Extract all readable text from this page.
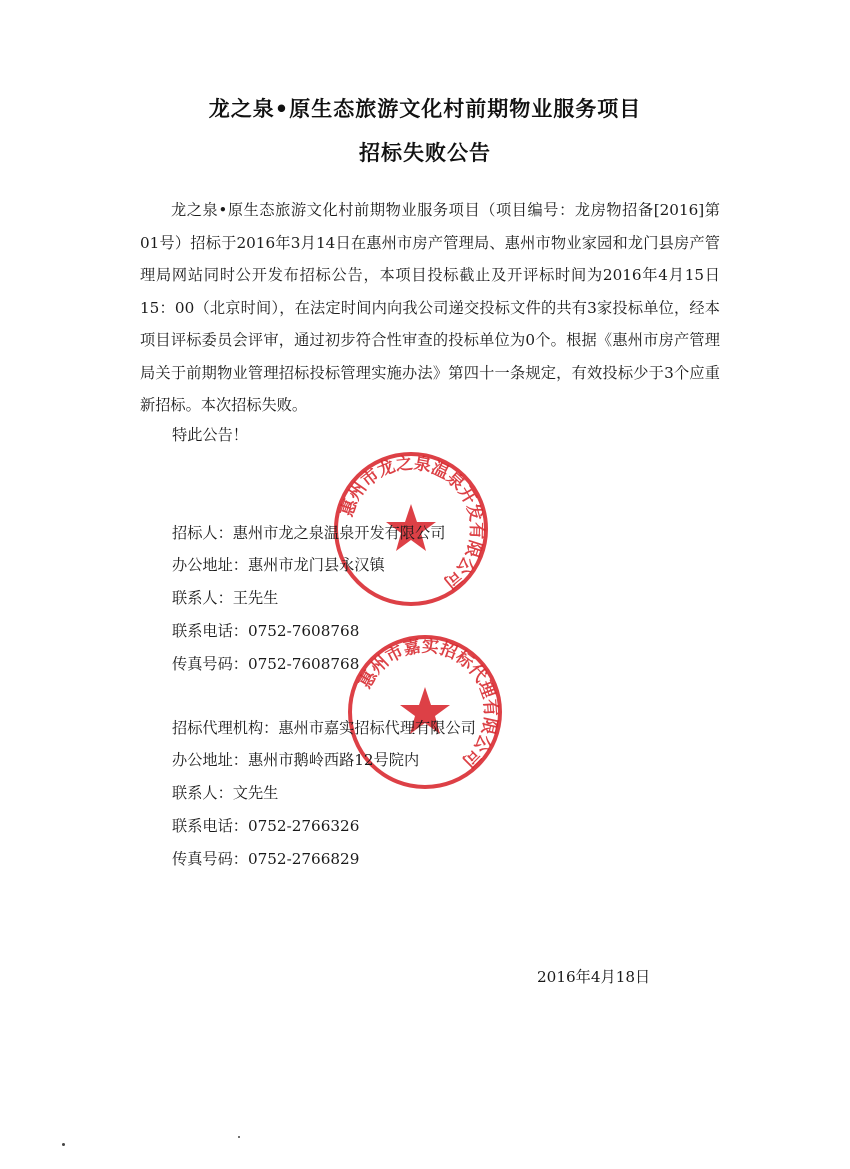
龙之泉•原生态旅游文化村前期物业服务项目
招标失败公告

龙之泉•原生态旅游文化村前期物业服务项目（项目编号：龙房物招备[2016]第01号）招标于2016年3月14日在惠州市房产管理局、惠州市物业家园和龙门县房产管理局网站同时公开发布招标公告，本项目投标截止及开评标时间为2016年4月15日15：00（北京时间），在法定时间内向我公司递交投标文件的共有3家投标单位，经本项目评标委员会评审，通过初步符合性审查的投标单位为0个。根据《惠州市房产管理局关于前期物业管理招标投标管理实施办法》第四十一条规定，有效投标少于3个应重新招标。本次招标失败。

特此公告！
惠州市龙之泉温泉开发有限公司
招标人：惠州市龙之泉温泉开发有限公司
办公地址：惠州市龙门县永汉镇
联系人：王先生
联系电话：0752-7608768
传真号码：0752-7608768
惠州市嘉实招标代理有限公司
招标代理机构：惠州市嘉实招标代理有限公司
办公地址：惠州市鹅岭西路12号院内
联系人：文先生
联系电话：0752-2766326
传真号码：0752-2766829
2016年4月18日
